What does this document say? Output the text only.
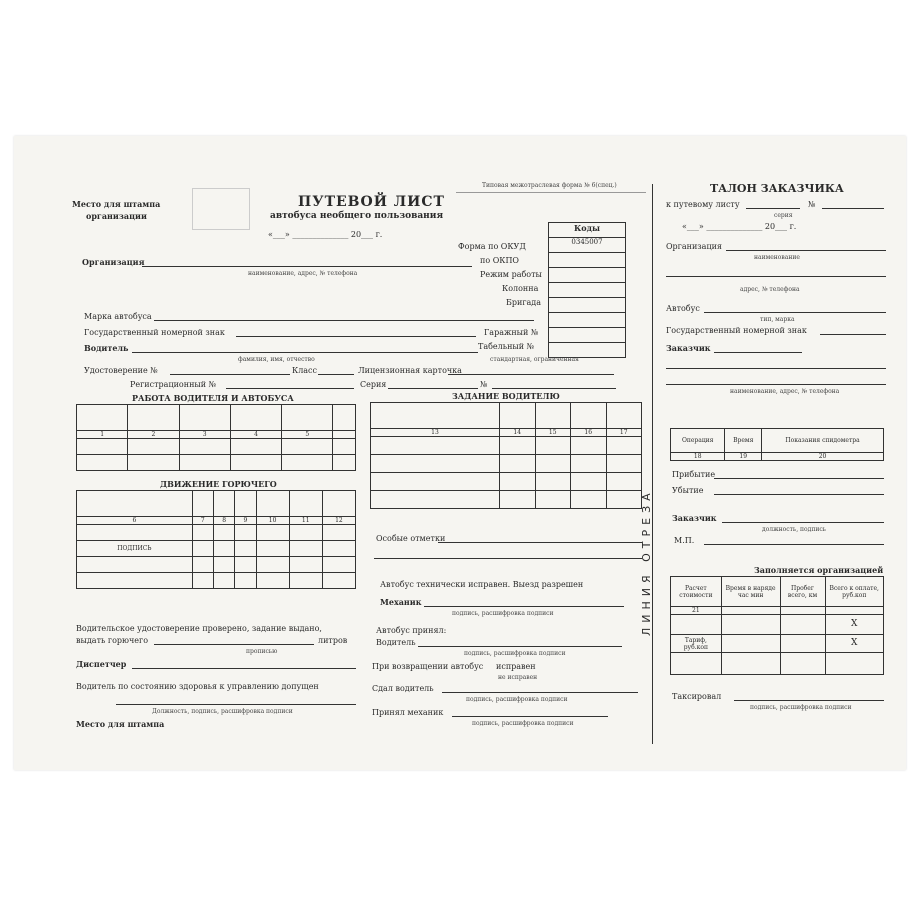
Место для штампа
организации
Типовая межотраслевая форма № 6(спец.)
ПУТЕВОЙ ЛИСТ
автобуса необщего пользования
«___» ______________ 20___ г.
Форма по ОКУД
по ОКПО
Режим работы
Колонна
Бригада
Гаражный №
Табельный №
Коды
0345007
Организация
наименование, адрес, № телефона
Марка автобуса
Государственный номерной знак
Водитель
фамилия, имя, отчество
Удостоверение №	Класс	Лицензионная карточка
стандартная, ограниченная
Регистрационный №	Серия	№
РАБОТА ВОДИТЕЛЯ И АВТОБУСА

1	2	3	4	5	

ДВИЖЕНИЕ ГОРЮЧЕГО

6	7	8	9	10	11	12

ПОДПИСЬ						

Водительское удостоверение проверено, задание выдано,
выдать горючего	литров
прописью
Диспетчер
Водитель по состоянию здоровья к управлению допущен
Должность, подпись, расшифровка подписи
Место для штампа
ЗАДАНИЕ ВОДИТЕЛЮ

13	14	15	16	17

Особые отметки
Автобус технически исправен. Выезд разрешен
Механик
подпись, расшифровка подписи
Автобус принял:
Водитель
подпись, расшифровка подписи
При возвращении автобус исправен
не исправен
Сдал водитель
подпись, расшифровка подписи
Принял механик
подпись, расшифровка подписи
ЛИНИЯ ОТРЕЗА
ТАЛОН ЗАКАЗЧИКА
к путевому листу	№
серия
«___» ______________ 20___ г.
Организация
наименование
адрес, № телефона
Автобус
тип, марка
Государственный номерной знак
Заказчик
наименование, адрес, № телефона
Операция	Время	Показания спидометра
18	19	20
Прибытие
Убытие
Заказчик
должность, подпись
М.П.
Заполняется организацией
Расчет стоимости	Время в наряде час мин	Пробег всего, км	Всего к оплате, руб.коп
21			
			X
Тариф, руб.коп			X

Таксировал
подпись, расшифровка подписи
